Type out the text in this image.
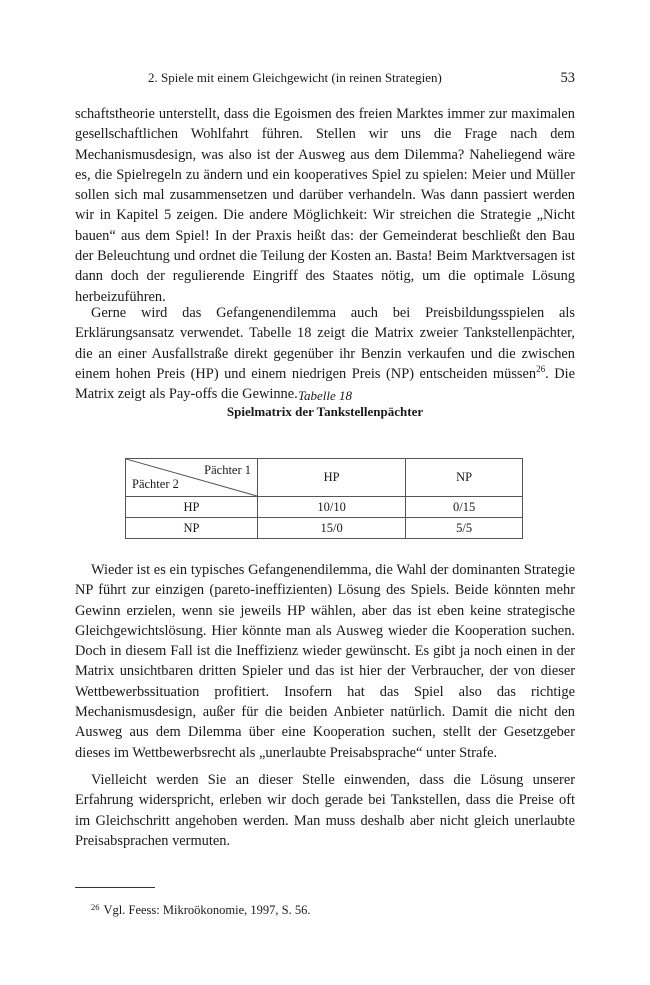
2. Spiele mit einem Gleichgewicht (in reinen Strategien)	53

schaftstheorie unterstellt, dass die Egoismen des freien Marktes immer zur maximalen gesellschaftlichen Wohlfahrt führen. Stellen wir uns die Frage nach dem Mechanismusdesign, was also ist der Ausweg aus dem Dilemma? Naheliegend wäre es, die Spielregeln zu ändern und ein kooperatives Spiel zu spielen: Meier und Müller sollen sich mal zusammensetzen und darüber verhandeln. Was dann passiert werden wir in Kapitel 5 zeigen. Die andere Möglichkeit: Wir streichen die Strategie „Nicht bauen“ aus dem Spiel! In der Praxis heißt das: der Gemeinderat beschließt den Bau der Beleuchtung und ordnet die Teilung der Kosten an. Basta! Beim Marktversagen ist dann doch der regulierende Eingriff des Staates nötig, um die optimale Lösung herbeizuführen.

Gerne wird das Gefangenendilemma auch bei Preisbildungsspielen als Erklärungsansatz verwendet. Tabelle 18 zeigt die Matrix zweier Tankstellenpächter, die an einer Ausfallstraße direkt gegenüber ihr Benzin verkaufen und die zwischen einem hohen Preis (HP) und einem niedrigen Preis (NP) entscheiden müssen$^{26}$. Die Matrix zeigt als Pay-offs die Gewinne. Tabelle 18
Spielmatrix der Tankstellenpächter
Pächter 1
Pächter 2	HP	NP
HP	10/10	0/15
NP	15/0	5/5

Wieder ist es ein typisches Gefangenendilemma, die Wahl der dominanten Strategie NP führt zur einzigen (pareto-ineffizienten) Lösung des Spiels. Beide könnten mehr Gewinn erzielen, wenn sie jeweils HP wählen, aber das ist eben keine strategische Gleichgewichtslösung. Hier könnte man als Ausweg wieder die Kooperation suchen. Doch in diesem Fall ist die Ineffizienz wieder gewünscht. Es gibt ja noch einen in der Matrix unsichtbaren dritten Spieler und das ist hier der Verbraucher, der von dieser Wettbewerbssituation profitiert. Insofern hat das Spiel also das richtige Mechanismusdesign, außer für die beiden Anbieter natürlich. Damit die nicht den Ausweg aus dem Dilemma über eine Kooperation suchen, stellt der Gesetzgeber dieses im Wettbewerbsrecht als „unerlaubte Preisabsprache“ unter Strafe.

Vielleicht werden Sie an dieser Stelle einwenden, dass die Lösung unserer Erfahrung widerspricht, erleben wir doch gerade bei Tankstellen, dass die Preise oft im Gleichschritt angehoben werden. Man muss deshalb aber nicht gleich unerlaubte Preisabsprachen vermuten.

$^{26}$ Vgl. Feess: Mikroökonomie, 1997, S. 56.
